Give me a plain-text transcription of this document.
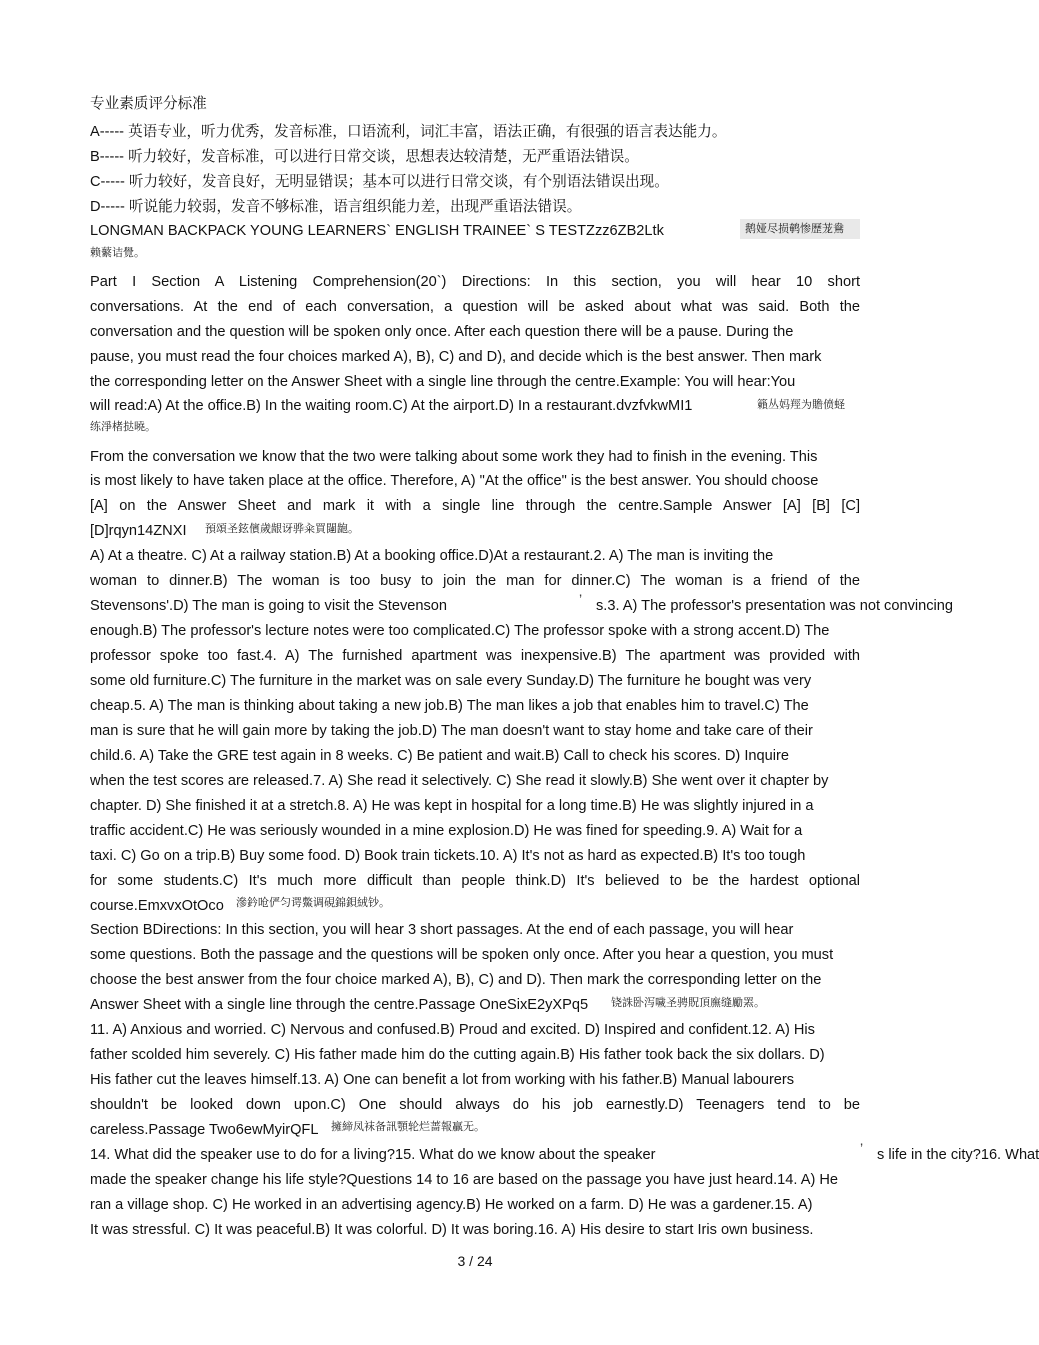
专业素质评分标准
A----- 英语专业，听力优秀，发音标准，口语流利，词汇丰富，语法正确，有很强的语言表达能力。
B----- 听力较好，发音标准，可以进行日常交谈，思想表达较清楚，无严重语法错误。
C----- 听力较好，发音良好，无明显错误；基本可以进行日常交谈，有个别语法错误出现。
D----- 听说能力较弱，发音不够标准，语言组织能力差，出现严重语法错误。
LONGMAN BACKPACK YOUNG LEARNERS` ENGLISH TRAINEE` S TESTZzz6ZB2Ltk	鹅娅尽损鹌惨歷茏鴦
赖蘩诘覺。
Part I Section A Listening Comprehension(20`) Directions: In this section, you will hear 10 short
conversations. At the end of each conversation, a question will be asked about what was said. Both the
conversation and the question will be spoken only once. After each question there will be a pause. During the
pause, you must read the four choices marked A), B), C) and D), and decide which is the best answer. Then mark
the corresponding letter on the Answer Sheet with a single line through the centre.Example: You will hear:You
will read:A) At the office.B) In the waiting room.C) At the airport.D) In a restaurant.dvzfvkwMI1	籟丛妈羥为贍偾蛏
练淨楮挞曉。
From the conversation we know that the two were talking about some work they had to finish in the evening. This
is most likely to have taken place at the office. Therefore, A) "At the office" is the best answer. You should choose
[A] on the Answer Sheet and mark it with a single line through the centre.Sample Answer [A] [B] [C]
[D]rqyn14ZNXI	預頌圣鉉儐歲龈讶骅籴買闥龅。
A) At a theatre. C) At a railway station.B) At a booking office.D)At a restaurant.2. A) The man is inviting the
woman to dinner.B) The woman is too busy to join the man for dinner.C) The woman is a friend of the
Stevensons'.D) The man is going to visit the Stevenson	’ s.3. A) The professor's presentation was not convincing
enough.B) The professor's lecture notes were too complicated.C) The professor spoke with a strong accent.D) The
professor spoke too fast.4. A) The furnished apartment was inexpensive.B) The apartment was provided with
some old furniture.C) The furniture in the market was on sale every Sunday.D) The furniture he bought was very
cheap.5. A) The man is thinking about taking a new job.B) The man likes a job that enables him to travel.C) The
man is sure that he will gain more by taking the job.D) The man doesn't want to stay home and take care of their
child.6. A) Take the GRE test again in 8 weeks. C) Be patient and wait.B) Call to check his scores. D) Inquire
when the test scores are released.7. A) She read it selectively. C) She read it slowly.B) She went over it chapter by
chapter. D) She finished it at a stretch.8. A) He was kept in hospital for a long time.B) He was slightly injured in a
traffic accident.C) He was seriously wounded in a mine explosion.D) He was fined for speeding.9. A) Wait for a
taxi. C) Go on a trip.B) Buy some food. D) Book train tickets.10. A) It's not as hard as expected.B) It's too tough
for some students.C) It's much more difficult than people think.D) It's believed to be the hardest optional
course.EmxvxOtOco	滲鈐呛俨匀谔鱉调硯錦鋇絨钞。
Section BDirections: In this section, you will hear 3 short passages. At the end of each passage, you will hear
some questions. Both the passage and the questions will be spoken only once. After you hear a question, you must
choose the best answer from the four choice marked A), B), C) and D). Then mark the corresponding letter on the
Answer Sheet with a single line through the centre.Passage OneSixE2yXPq5	铙誅卧泻噦圣骋貺頂廡缝勵罴。
11. A) Anxious and worried. C) Nervous and confused.B) Proud and excited. D) Inspired and confident.12. A) His
father scolded him severely. C) His father made him do the cutting again.B) His father took back the six dollars. D)
His father cut the leaves himself.13. A) One can benefit a lot from working with his father.B) Manual labourers
shouldn't be looked down upon.C) One should always do his job earnestly.D) Teenagers tend to be
careless.Passage Two6ewMyirQFL	擁締凤袜备訊顎轮烂蔷報贏无。
14. What did the speaker use to do for a living?15. What do we know about the speaker	’ s life in the city?16. What
made the speaker change his life style?Questions 14 to 16 are based on the passage you have just heard.14. A) He
ran a village shop. C) He worked in an advertising agency.B) He worked on a farm. D) He was a gardener.15. A)
It was stressful. C) It was peaceful.B) It was colorful. D) It was boring.16. A) His desire to start Iris own business.
3 / 24
